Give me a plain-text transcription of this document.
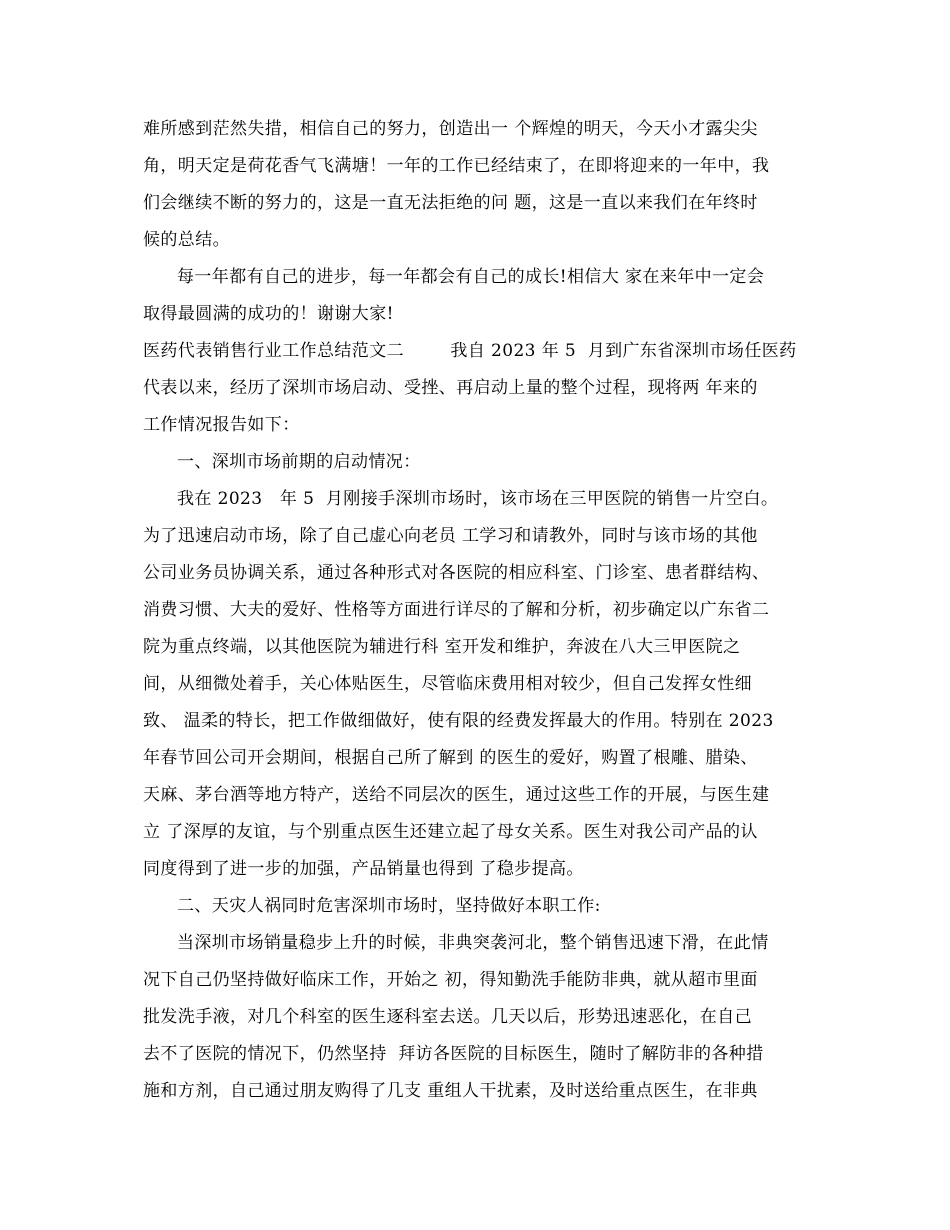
难所感到茫然失措，相信自己的努力，创造出一 个辉煌的明天，今天小才露尖尖
角，明天定是荷花香气飞满塘！一年的工作已经结束了，在即将迎来的一年中，我
们会继续不断的努力的，这是一直无法拒绝的问 题，这是一直以来我们在年终时
候的总结。
每一年都有自己的进步，每一年都会有自己的成长!相信大 家在来年中一定会
取得最圆满的成功的！谢谢大家!
医药代表销售行业工作总结范文二        我自 2023 年 5  月到广东省深圳市场任医药
代表以来，经历了深圳市场启动、受挫、再启动上量的整个过程，现将两 年来的
工作情况报告如下：
一、深圳市场前期的启动情况：
我在 2023   年 5  月刚接手深圳市场时，该市场在三甲医院的销售一片空白。
为了迅速启动市场，除了自己虚心向老员 工学习和请教外，同时与该市场的其他
公司业务员协调关系，通过各种形式对各医院的相应科室、门诊室、患者群结构、
消费习惯、大夫的爱好、性格等方面进行详尽的了解和分析，初步确定以广东省二
院为重点终端，以其他医院为辅进行科 室开发和维护，奔波在八大三甲医院之
间，从细微处着手，关心体贴医生，尽管临床费用相对较少，但自己发挥女性细
致、 温柔的特长，把工作做细做好，使有限的经费发挥最大的作用。特别在 2023
年春节回公司开会期间，根据自己所了解到 的医生的爱好，购置了根雕、腊染、
天麻、茅台酒等地方特产，送给不同层次的医生，通过这些工作的开展，与医生建
立 了深厚的友谊，与个别重点医生还建立起了母女关系。医生对我公司产品的认
同度得到了进一步的加强，产品销量也得到 了稳步提高。
二、天灾人祸同时危害深圳市场时，坚持做好本职工作:
当深圳市场销量稳步上升的时候，非典突袭河北，整个销售迅速下滑，在此情
况下自己仍坚持做好临床工作，开始之 初，得知勤洗手能防非典，就从超市里面
批发洗手液，对几个科室的医生逐科室去送。几天以后，形势迅速恶化，在自己
去不了医院的情况下，仍然坚持  拜访各医院的目标医生，随时了解防非的各种措
施和方剂，自己通过朋友购得了几支 重组人干扰素，及时送给重点医生，在非典
